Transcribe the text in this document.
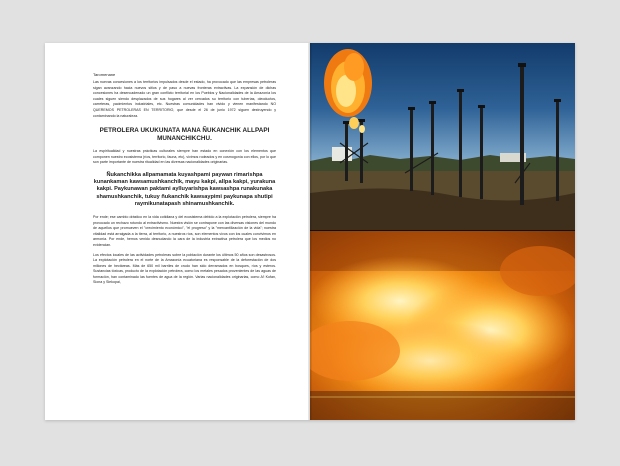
Taromenane

Las nuevas concesiones a los territorios impulsados desde el estado, ha provocado que las empresas petroleras sigan avanzando hacia nuevos sitios y de paso a nuevas fronteras extractivas. La expansión de dichas concesiones ha desencadenado un gran conflicto territorial en los Pueblos y Nacionalidades de la Amazonía los cuales siguen siendo desplazados de sus hogares al ver cercados su territorio con tuberías, oleoductos, carreteras, yacimientos industriales, etc. Nuestras comunidades han vivido y vienen manifestando NO QUEREMOS PETROLERAS EN TERRITORIO, que desde el 26 de junio 1972 siguen destruyendo y contaminando la naturaleza.

PETROLERA UKUKUNATA MANA ÑUKANCHIK ALLPAPI MUNANCHIKCHU.

La espiritualidad y nuestras prácticas culturales siempre han estado en conexión con los elementos que componen nuestro ecosistema (ríos, territorio, fauna, etc), vivimos rodeados y en cosmogonía con ellos, por lo que son parte importante de nuestra ritualidad en las diversas nacionalidades originarias.

Ñukanchikka allpamamata kuyashpami paywan rimarishpa kunankaman kawsamushkanchik, mayu kakpi, allpa kakpi, yurakuna kakpi. Paykunawan paktami aylluyarishpa kawsashpa runakunaka shamushkanchik, tukuy ñukanchik kawsaypimi paykunapa shutipi raymikunatapash shinamushkanchik.

Por ende; ese cambio drástico en la vida cotidiana y del ecosistema debido a la explotación petrolera, siempre ha provocado un rechazo rotundo al extractivismo. Nuestra visión se contrapone con las diversas visiones del mundo de aquellos que promueven el "crecimiento económico", "el progreso" y la "mercantilización de la vida"; nuestra vitalidad está arraigada a la tierra, al territorio, a nuestros ríos, son elementos vivos con los cuales convivimos en armonía. Por ende, hemos venido desnudando la cara de la industria extractiva petrolera que los medios no evidencian.

Los efectos locales de las actividades petroleras sobre la población durante los últimos 50 años son desastrosos. La explotación petrolera en el norte de la Amazonía ecuatoriana es responsable de la deforestación de dos millones de hectáreas. Más de 650 mil barriles de crudo han sido derramados en bosques, ríos y esteros. Sustancias tóxicas, producto de la explotación petrolera, como los metales pesados provenientes de las aguas de formación, han contaminado las fuentes de agua de la región. Varias nacionalidades originarias, como A'i Kofan, Siona y Siekopai,
